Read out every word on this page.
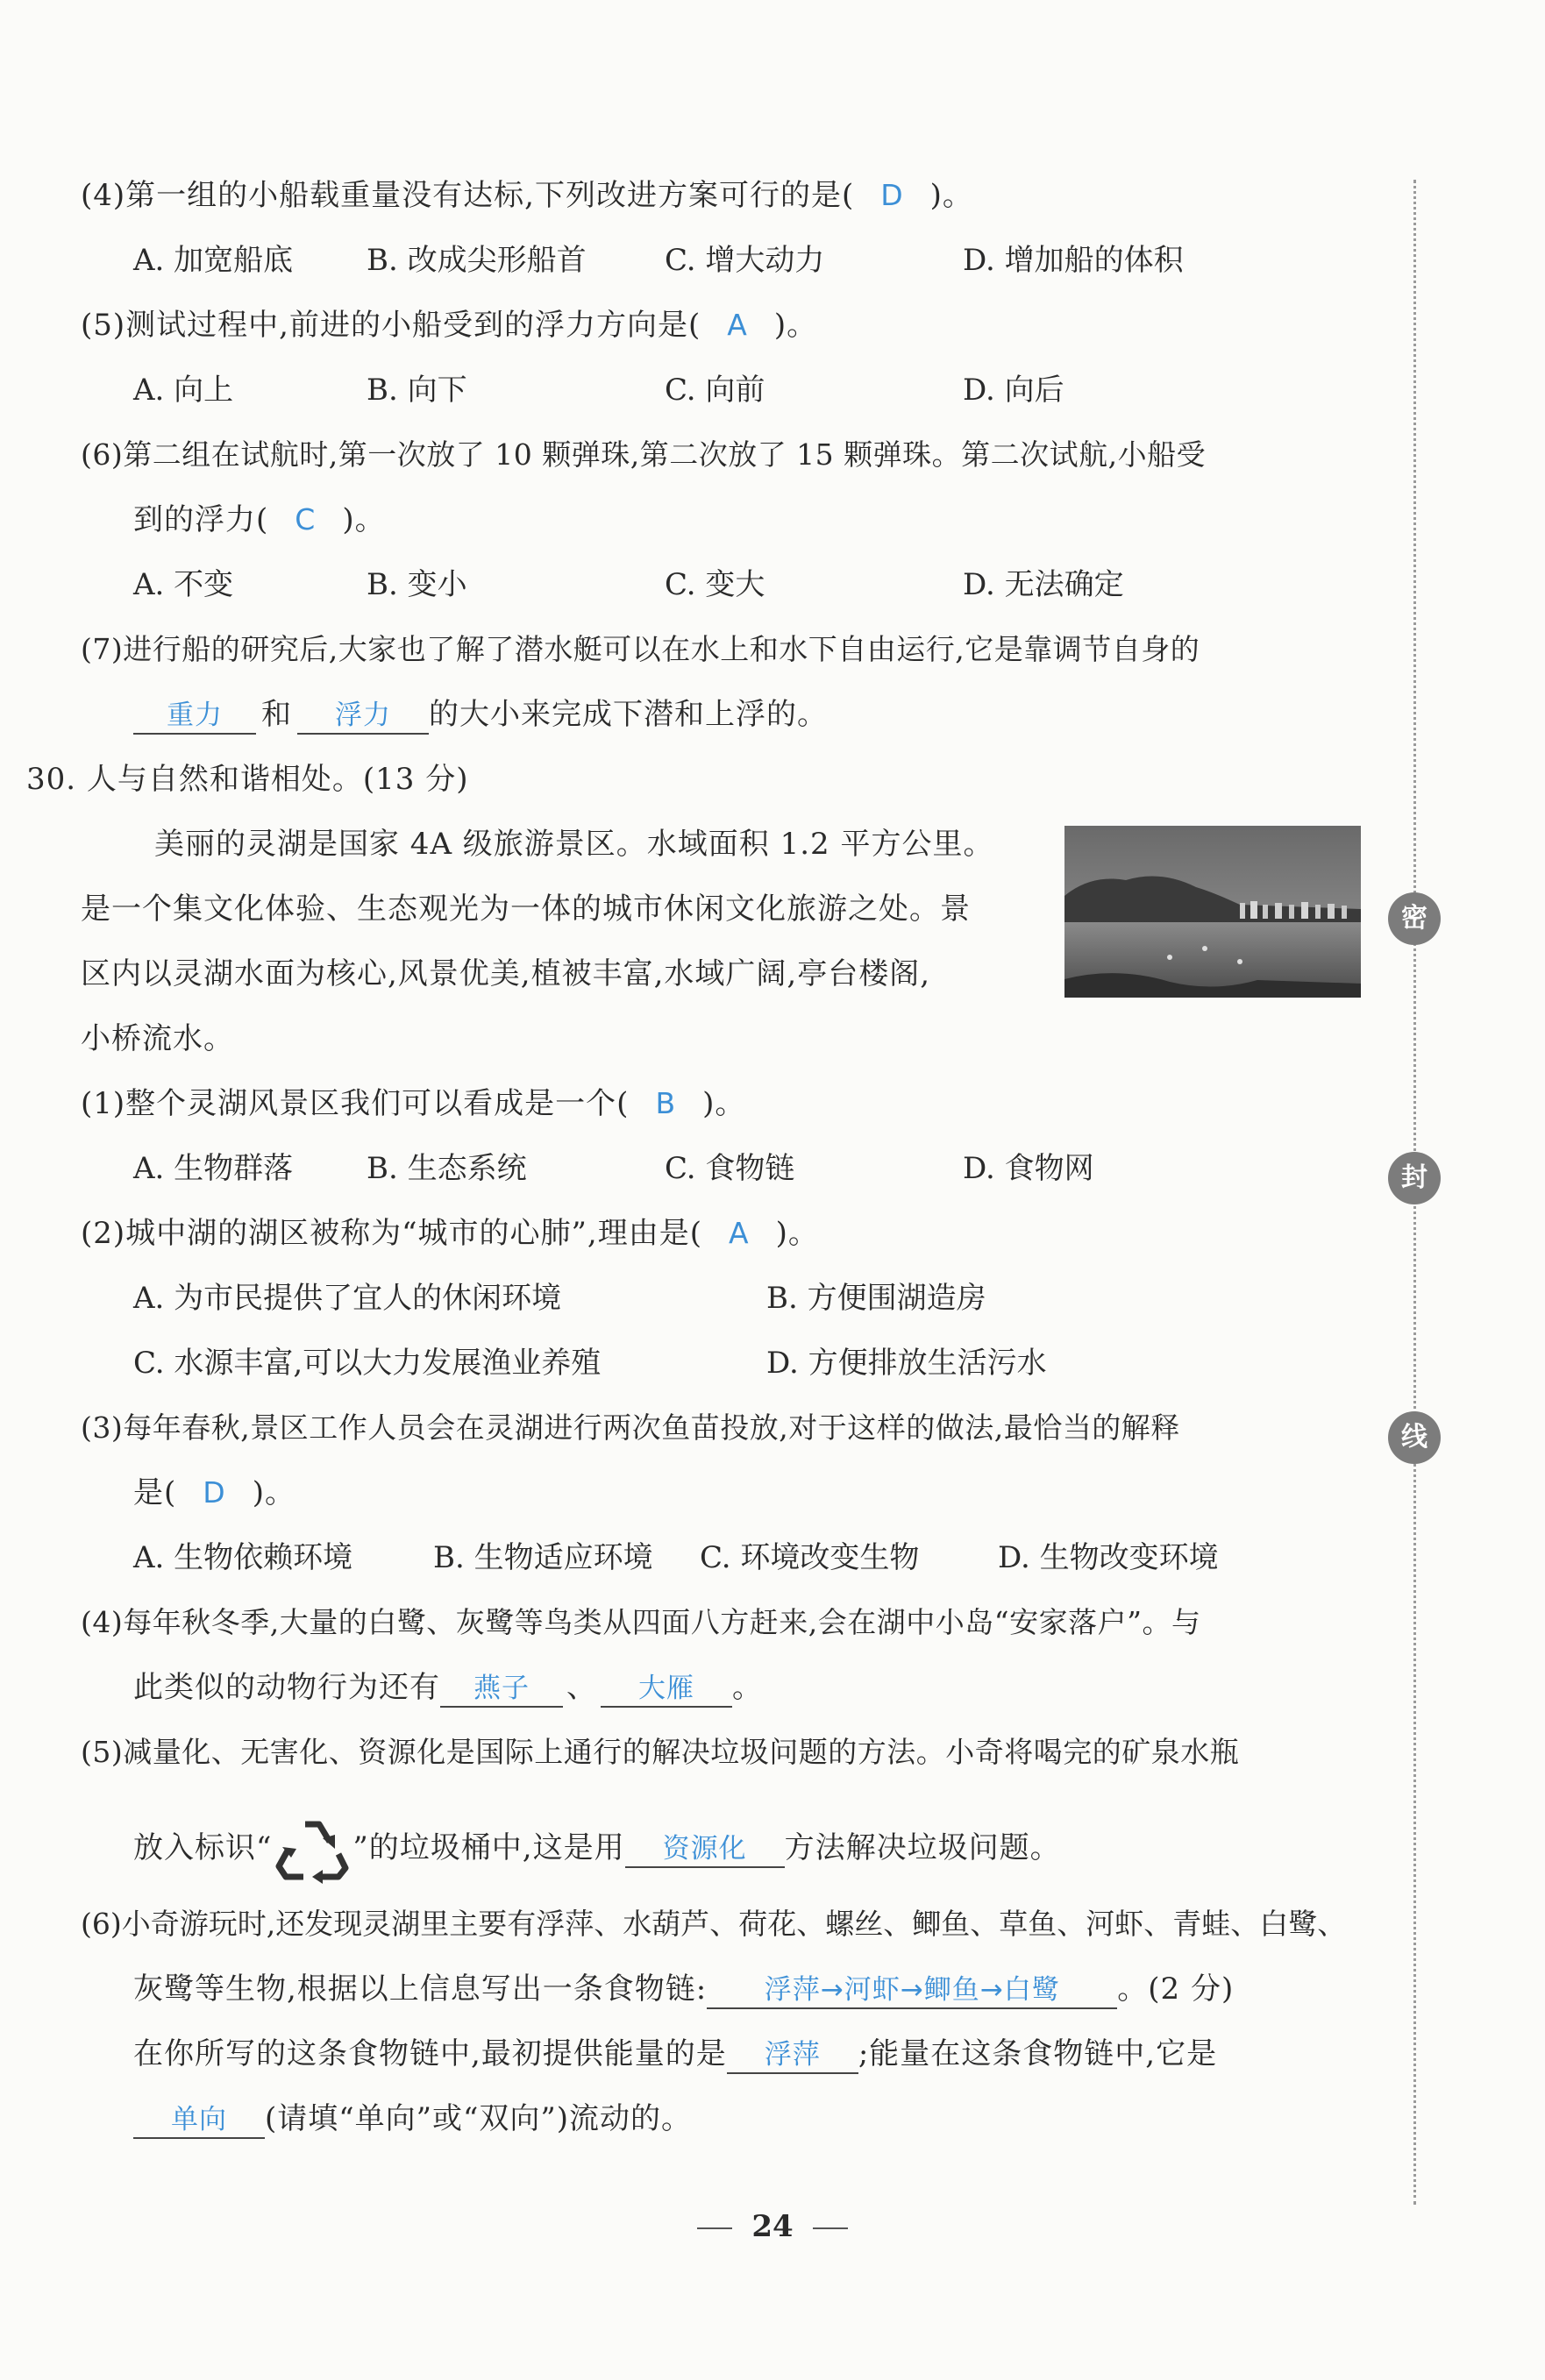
(4)第一组的小船载重量没有达标,下列改进方案可行的是( D )。
A. 加宽船底 B. 改成尖形船首	C. 增大动力	D. 增加船的体积
(5)测试过程中,前进的小船受到的浮力方向是( A )。
A. 向上	B. 向下	C. 向前	D. 向后
(6)第二组在试航时,第一次放了 10 颗弹珠,第二次放了 15 颗弹珠。第二次试航,小船受
到的浮力( C )。
A. 不变	B. 变小	C. 变大	D. 无法确定
(7)进行船的研究后,大家也了解了潜水艇可以在水上和水下自由运行,它是靠调节自身的
重力 和 浮力 的大小来完成下潜和上浮的。
30. 人与自然和谐相处。(13 分)
美丽的灵湖是国家 4A 级旅游景区。水域面积 1.2 平方公里。
是一个集文化体验、生态观光为一体的城市休闲文化旅游之处。景
区内以灵湖水面为核心,风景优美,植被丰富,水域广阔,亭台楼阁,
小桥流水。
(1)整个灵湖风景区我们可以看成是一个( B )。
A. 生物群落 B. 生态系统	C. 食物链	D. 食物网
(2)城中湖的湖区被称为“城市的心肺”,理由是( A )。
A. 为市民提供了宜人的休闲环境	B. 方便围湖造房
C. 水源丰富,可以大力发展渔业养殖	D. 方便排放生活污水
(3)每年春秋,景区工作人员会在灵湖进行两次鱼苗投放,对于这样的做法,最恰当的解释
是( D )。
A. 生物依赖环境	B. 生物适应环境 C. 环境改变生物	D. 生物改变环境
(4)每年秋冬季,大量的白鹭、灰鹭等鸟类从四面八方赶来,会在湖中小岛“安家落户”。与
此类似的动物行为还有 燕子 、 大雁 。
(5)减量化、无害化、资源化是国际上通行的解决垃圾问题的方法。小奇将喝完的矿泉水瓶
放入标识“	”的垃圾桶中,这是用 资源化 方法解决垃圾问题。
(6)小奇游玩时,还发现灵湖里主要有浮萍、水葫芦、荷花、螺丝、鲫鱼、草鱼、河虾、青蛙、白鹭、
灰鹭等生物,根据以上信息写出一条食物链: 浮萍→河虾→鲫鱼→白鹭 。(2 分)
在你所写的这条食物链中,最初提供能量的是 浮萍 ;能量在这条食物链中,它是
单向 (请填“单向”或“双向”)流动的。
密
封
线
24
